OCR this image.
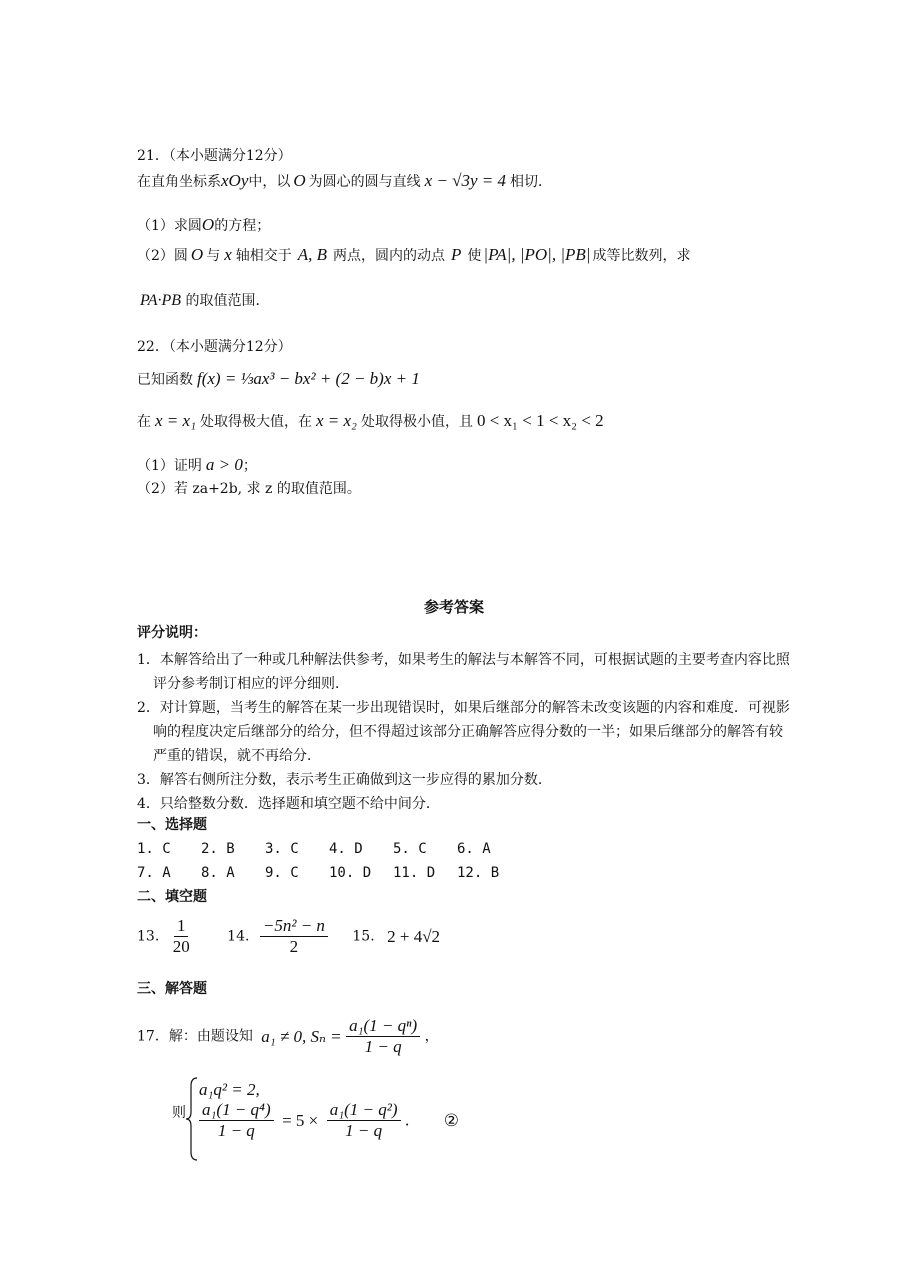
21．（本小题满分12分）
在直角坐标系xOy中，以 O 为圆心的圆与直线 x − √3y = 4 相切．
（1）求圆O的方程；
（2）圆 O 与 x 轴相交于 A, B 两点，圆内的动点 P 使 |PA|, |PO|, |PB| 成等比数列，求
PA·PB 的取值范围．
22．（本小题满分12分）
已知函数 f(x) = ⅓ax³ − bx² + (2 − b)x + 1
在 x = x₁ 处取得极大值，在 x = x₂ 处取得极小值，且 0 < x₁ < 1 < x₂ < 2
（1）证明 a > 0；
（2）若 za+2b, 求 z 的取值范围。
参考答案
评分说明：
1．本解答给出了一种或几种解法供参考，如果考生的解法与本解答不同，可根据试题的主要考查内容比照评分参考制订相应的评分细则．
2．对计算题，当考生的解答在某一步出现错误时，如果后继部分的解答未改变该题的内容和难度．可视影响的程度决定后继部分的给分，但不得超过该部分正确解答应得分数的一半；如果后继部分的解答有较严重的错误，就不再给分．
3．解答右侧所注分数，表示考生正确做到这一步应得的累加分数．
4．只给整数分数．选择题和填空题不给中间分．
一、选择题
1. C 2. B 3. C 4. D 5. C 6. A
7. A 8. A 9. C 10. D 11. D 12. B
二、填空题
13. $\frac{1}{20} 14$. $\frac{\text{−5n² − n}}{2} 15$. 2 + 4√2
三、解答题
17．解：由题设知 a₁ ≠ 0, $S_n = \frac{\text{a₁(1 − qⁿ)}}{1 - q}$ ，
则
a₁q² = 2,
$\frac{\text{a₁(1 − q⁴)}}{1 - q} = 5 \times \frac{\text{a₁(1 − q²)}}{1 - q}$ . ②
